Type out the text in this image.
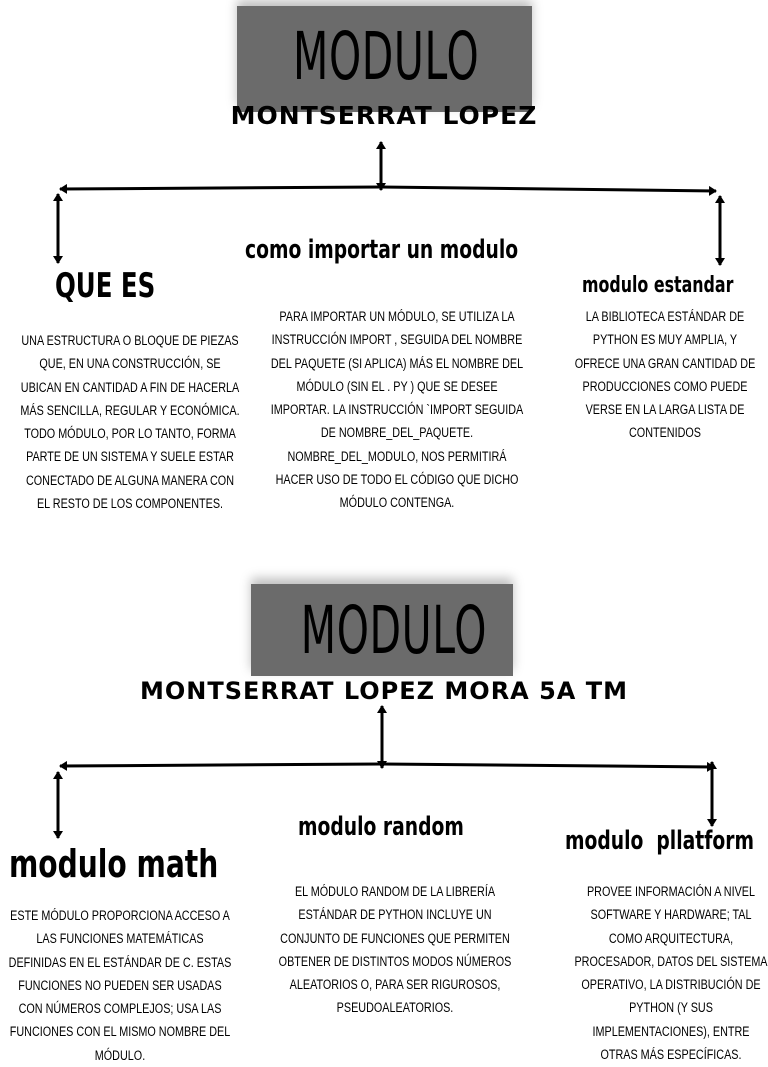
MODULO
MONTSERRAT LOPEZ
QUE ES
como importar un modulo
modulo estandar
UNA ESTRUCTURA O BLOQUE DE PIEZAS QUE, EN UNA CONSTRUCCIÓN, SE UBICAN EN CANTIDAD A FIN DE HACERLA MÁS SENCILLA, REGULAR Y ECONÓMICA. TODO MÓDULO, POR LO TANTO, FORMA PARTE DE UN SISTEMA Y SUELE ESTAR CONECTADO DE ALGUNA MANERA CON EL RESTO DE LOS COMPONENTES.
PARA IMPORTAR UN MÓDULO, SE UTILIZA LA INSTRUCCIÓN IMPORT , SEGUIDA DEL NOMBRE DEL PAQUETE (SI APLICA) MÁS EL NOMBRE DEL MÓDULO (SIN EL . PY ) QUE SE DESEE IMPORTAR. LA INSTRUCCIÓN `IMPORT SEGUIDA DE NOMBRE_DEL_PAQUETE. NOMBRE_DEL_MODULO, NOS PERMITIRÁ HACER USO DE TODO EL CÓDIGO QUE DICHO MÓDULO CONTENGA.
LA BIBLIOTECA ESTÁNDAR DE PYTHON ES MUY AMPLIA, Y OFRECE UNA GRAN CANTIDAD DE PRODUCCIONES COMO PUEDE VERSE EN LA LARGA LISTA DE CONTENIDOS
MODULO
MONTSERRAT LOPEZ MORA 5A TM
modulo math
modulo random	modulo  pllatform
ESTE MÓDULO PROPORCIONA ACCESO A LAS FUNCIONES MATEMÁTICAS DEFINIDAS EN EL ESTÁNDAR DE C. ESTAS FUNCIONES NO PUEDEN SER USADAS CON NÚMEROS COMPLEJOS; USA LAS FUNCIONES CON EL MISMO NOMBRE DEL MÓDULO.
EL MÓDULO RANDOM DE LA LIBRERÍA ESTÁNDAR DE PYTHON INCLUYE UN CONJUNTO DE FUNCIONES QUE PERMITEN OBTENER DE DISTINTOS MODOS NÚMEROS ALEATORIOS O, PARA SER RIGUROSOS, PSEUDOALEATORIOS.
PROVEE INFORMACIÓN A NIVEL SOFTWARE Y HARDWARE; TAL COMO ARQUITECTURA, PROCESADOR, DATOS DEL SISTEMA OPERATIVO, LA DISTRIBUCIÓN DE PYTHON (Y SUS IMPLEMENTACIONES), ENTRE OTRAS MÁS ESPECÍFICAS.
